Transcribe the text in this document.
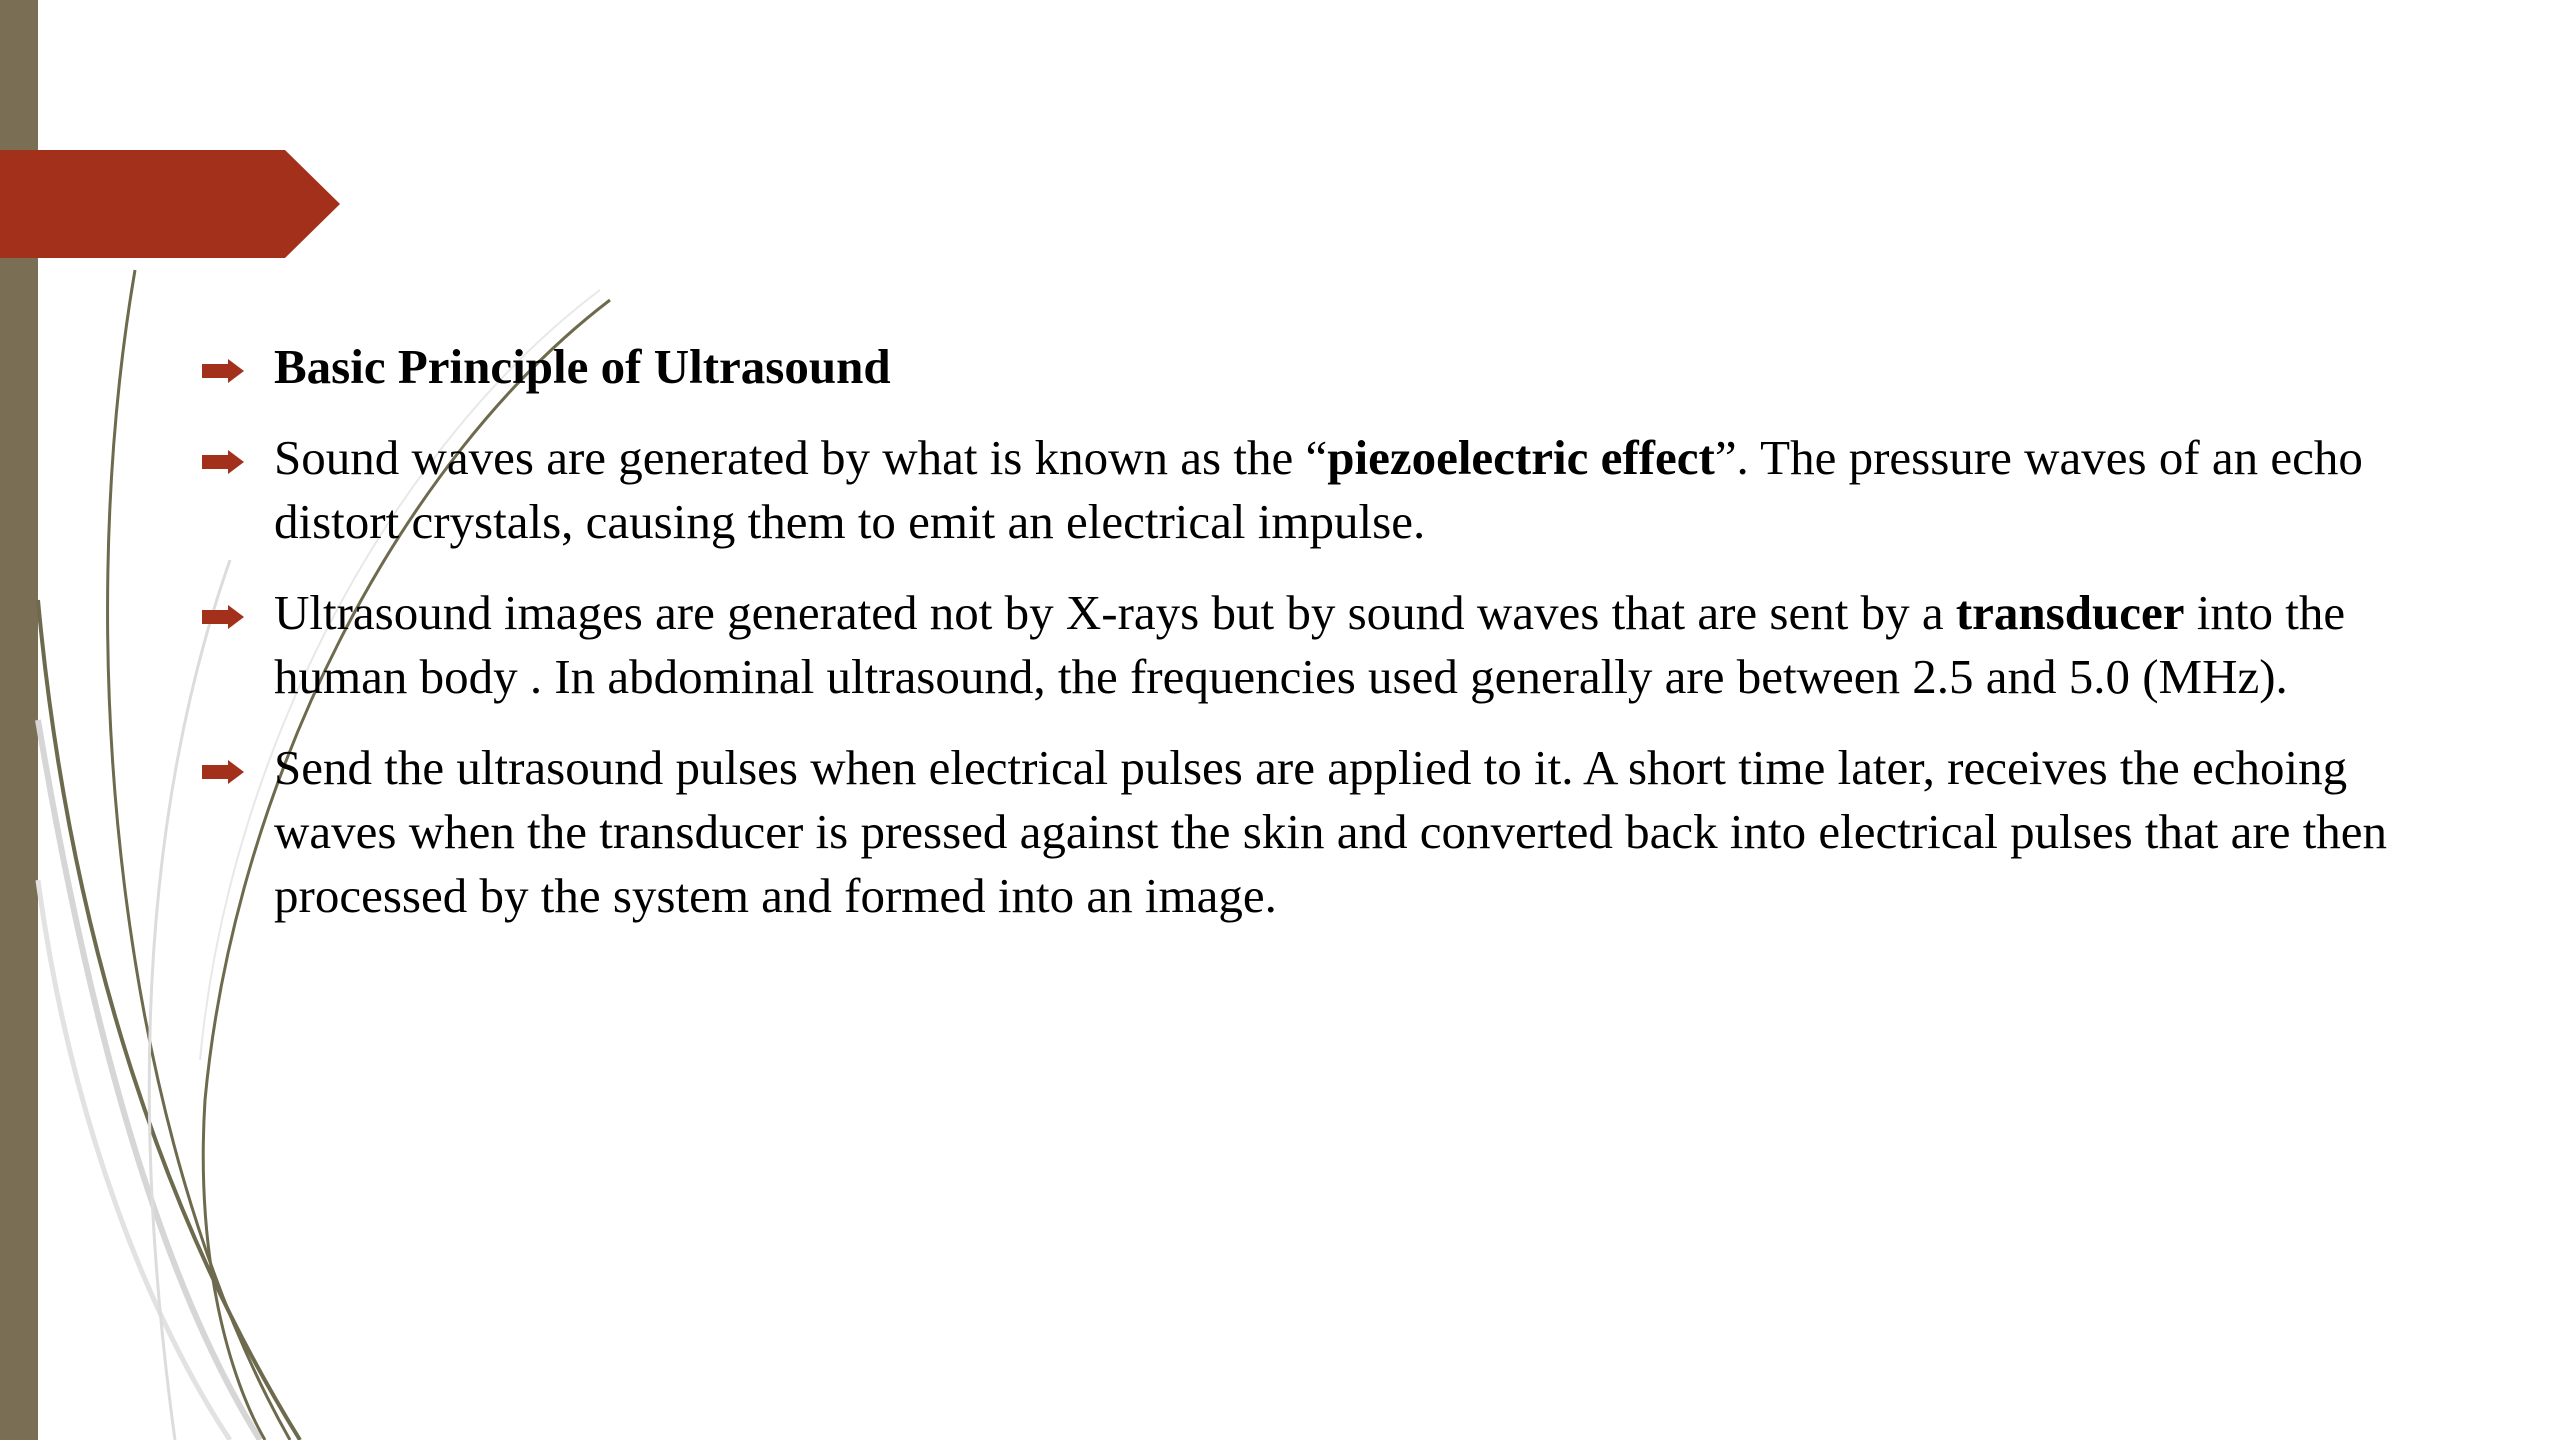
Basic Principle of Ultrasound
Sound waves are generated by what is known as the “piezoelectric effect”. The pressure waves of an echo distort crystals, causing them to emit an electrical impulse.
Ultrasound images are generated not by X-rays but by sound waves that are sent by a transducer into the human body . In abdominal ultrasound, the frequencies used generally are between 2.5 and 5.0 (MHz).
Send the ultrasound pulses when electrical pulses are applied to it. A short time later, receives the echoing waves when the transducer is pressed against the skin and converted back into electrical pulses that are then processed by the system and formed into an image.
